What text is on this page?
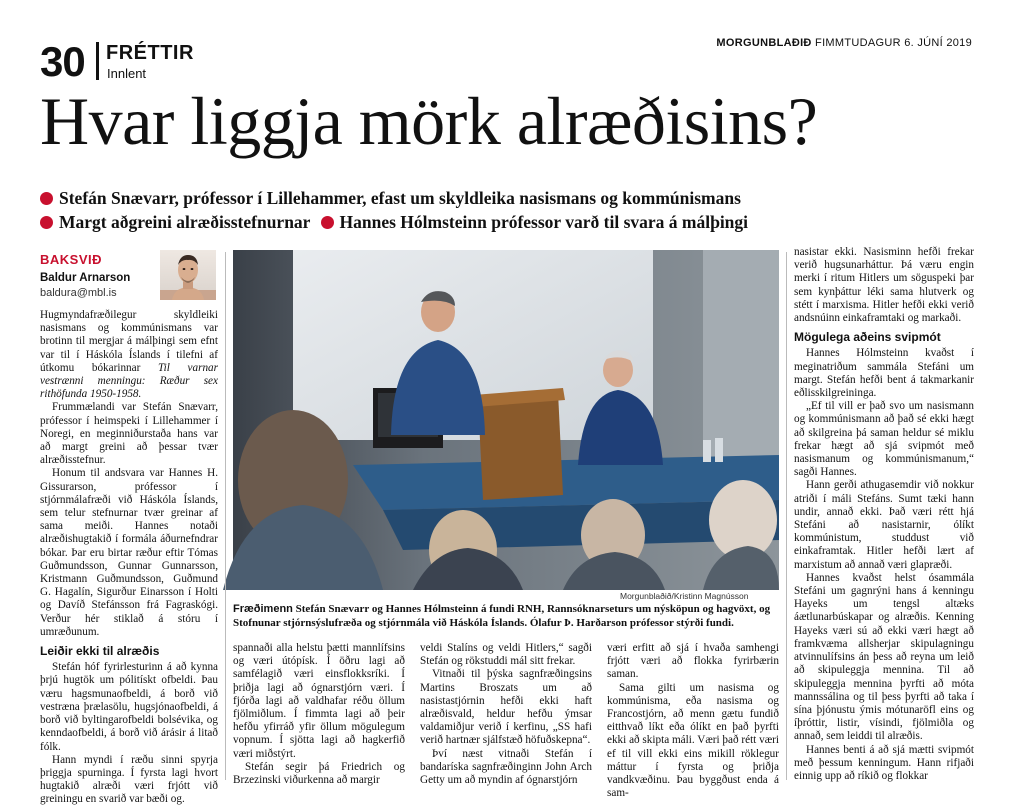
30 FRÉTTIR
Innlent
MORGUNBLAÐIÐ FIMMTUDAGUR 6. JÚNÍ 2019
Hvar liggja mörk alræðisins?
Stefán Snævarr, prófessor í Lillehammer, efast um skyldleika nasismans og kommúnismans
Margt aðgreini alræðisstefnurnar Hannes Hólmsteinn prófessor varð til svara á málþingi
BAKSVIÐ
Baldur Arnarson
baldura@mbl.is

Hugmyndafræðilegur skyldleiki nasismans og kommúnismans var brotinn til mergjar á málþingi sem efnt var til í Háskóla Íslands í tilefni af útkomu bókarinnar Til varnar vestrænni menningu: Ræður sex rithöfunda 1950-1958.

Frummælandi var Stefán Snævarr, prófessor í heimspeki í Lillehammer í Noregi, en meginniðurstaða hans var að margt greini að þessar tvær alræðisstefnur.

Honum til andsvara var Hannes H. Gissurarson, prófessor í stjórnmálafræði við Háskóla Íslands, sem telur stefnurnar tvær greinar af sama meiði. Hannes notaði alræðishugtakið í formála áðurnefndrar bókar. Þar eru birtar ræður eftir Tómas Guðmundsson, Gunnar Gunnarsson, Kristmann Guðmundsson, Guðmund G. Hagalín, Sigurður Einarsson í Holti og Davíð Stefánsson frá Fagraskógi. Verður hér stiklað á stóru í umræðunum.

Leiðir ekki til alræðis

Stefán hóf fyrirlesturinn á að kynna þrjú hugtök um pólitískt ofbeldi. Þau væru hagsmunaofbeldi, á borð við vestræna þrælasölu, hugsjónaofbeldi, á borð við byltingarofbeldi bolsévika, og kenndaofbeldi, á borð við árásir á litað fólk.

Hann myndi í ræðu sinni spyrja þriggja spurninga. Í fyrsta lagi hvort hugtakið alræði væri frjótt við greiningu en svarið var bæði og.

Morgunblaðið/Kristinn Magnússon
Fræðimenn Stefán Snævarr og Hannes Hólmsteinn á fundi RNH, Rannsóknarseturs um nýsköpun og hagvöxt, og Stofnunar stjórnsýslufræða og stjórnmála við Háskóla Íslands. Ólafur Þ. Harðarson prófessor stýrði fundi.

spannaði alla helstu þætti mannlífsins og væri útópísk. Í öðru lagi að samfélagið væri einsflokksríki. Í þriðja lagi að ógnarstjórn væri. Í fjórða lagi að valdhafar réðu öllum fjölmiðlum. Í fimmta lagi að þeir hefðu yfirráð yfir öllum mögulegum vopnum. Í sjötta lagi að hagkerfið væri miðstýrt.

Stefán segir þá Friedrich og Brzezinski viðurkenna að margir

veldi Stalíns og veldi Hitlers,“ sagði Stefán og rökstuddi mál sitt frekar.

Vitnaði til þýska sagnfræðingsins Martins Broszats um að nasistastjórnin hefði ekki haft alræðisvald, heldur hefðu ýmsar valdamiðjur verið í kerfinu, „SS hafi verið hartnær sjálfstæð höfuðskepna“.

Því næst vitnaði Stefán í bandaríska sagnfræðinginn John Arch Getty um að myndin af ógnarstjórn

væri erfitt að sjá í hvaða samhengi frjótt væri að flokka fyrirbærin saman.

Sama gilti um nasisma og kommúnisma, eða nasisma og Francostjórn, að menn gætu fundið eitthvað líkt eða ólíkt en það þyrfti ekki að skipta máli. Væri það rétt væri ef til vill ekki eins mikill röklegur máttur í fyrsta og þriðja vandkvæðinu. Þau byggðust enda á sam-

nasistar ekki. Nasisminn hefði frekar verið hugsunarháttur. Þá væru engin merki í ritum Hitlers um söguspeki þar sem kynþáttur léki sama hlutverk og stétt í marxisma. Hitler hefði ekki verið andsnúinn einkaframtaki og markaði.

Mögulega aðeins svipmót

Hannes Hólmsteinn kvaðst í meginatriðum sammála Stefáni um margt. Stefán hefði bent á takmarkanir eðlisskilgreininga.

„Ef til vill er það svo um nasismann og kommúnismann að það sé ekki hægt að skilgreina þá saman heldur sé miklu frekar hægt að sjá svipmót með nasismanum og kommúnismanum,“ sagði Hannes.

Hann gerði athugasemdir við nokkur atriði í máli Stefáns. Sumt tæki hann undir, annað ekki. Það væri rétt hjá Stefáni að nasistarnir, ólíkt kommúnistum, studdust við einkaframtak. Hitler hefði lært af marxistum að annað væri glapræði.

Hannes kvaðst helst ósammála Stefáni um gagnrýni hans á kenningu Hayeks um tengsl altæks áætlunarbúskapar og alræðis. Kenning Hayeks væri sú að ekki væri hægt að framkvæma allsherjar skipulagningu atvinnulífsins án þess að reyna um leið að skipuleggja mennina. Til að skipuleggja mennina þyrfti að móta mannssálina og til þess þyrfti að taka í sína þjónustu ýmis mótunaröfl eins og íþróttir, listir, vísindi, fjölmiðla og annað, sem leiddi til alræðis.

Hannes benti á að sjá mætti svipmót með þessum kenningum. Hann rifjaði einnig upp að ríkið og flokkar
